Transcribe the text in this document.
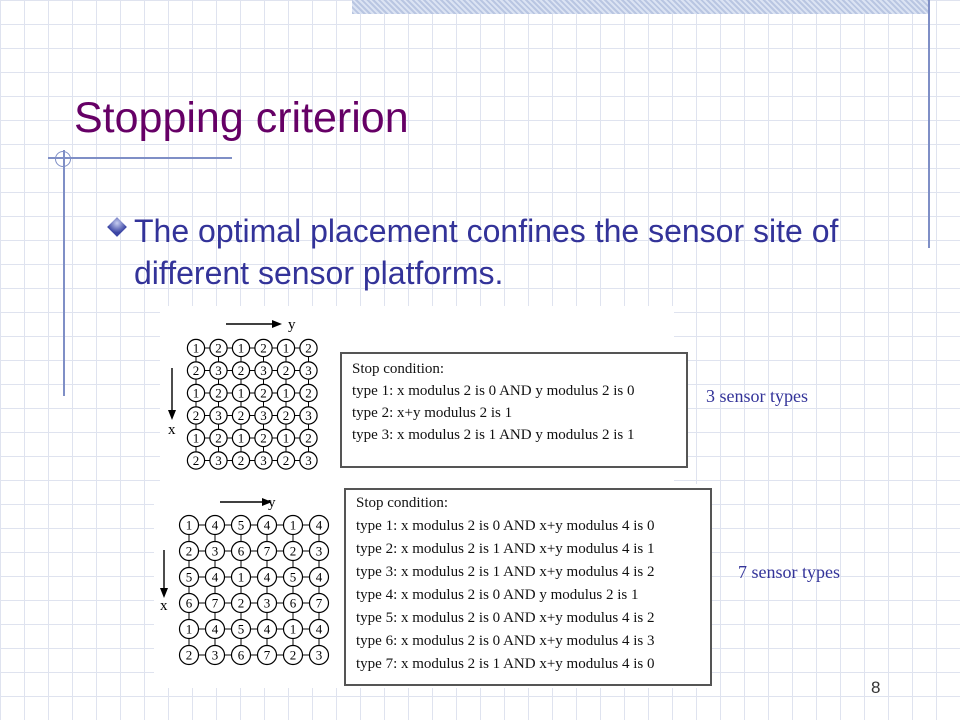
Stopping criterion

The optimal placement confines the sensor site of different sensor platforms.

y
x
1 2 1 2 1 2
2 3 2 3 2 3
1 2 1 2 1 2
2 3 2 3 2 3
1 2 1 2 1 2
2 3 2 3 2 3
Stop condition:
type 1: x modulus 2 is 0 AND y modulus 2 is 0
type 2: x+y modulus 2 is 1
type 3: x modulus 2 is 1 AND y modulus 2 is 1
3 sensor types
y
x
1 4 5 4 1 4
2 3 6 7 2 3
5 4 1 4 5 4
6 7 2 3 6 7
1 4 5 4 1 4
2 3 6 7 2 3
Stop condition:
type 1: x modulus 2 is 0 AND x+y modulus 4 is 0
type 2: x modulus 2 is 1 AND x+y modulus 4 is 1
type 3: x modulus 2 is 1 AND x+y modulus 4 is 2
type 4: x modulus 2 is 0 AND y modulus 2 is 1
type 5: x modulus 2 is 0 AND x+y modulus 4 is 2
type 6: x modulus 2 is 0 AND x+y modulus 4 is 3
type 7: x modulus 2 is 1 AND x+y modulus 4 is 0
7 sensor types
8
